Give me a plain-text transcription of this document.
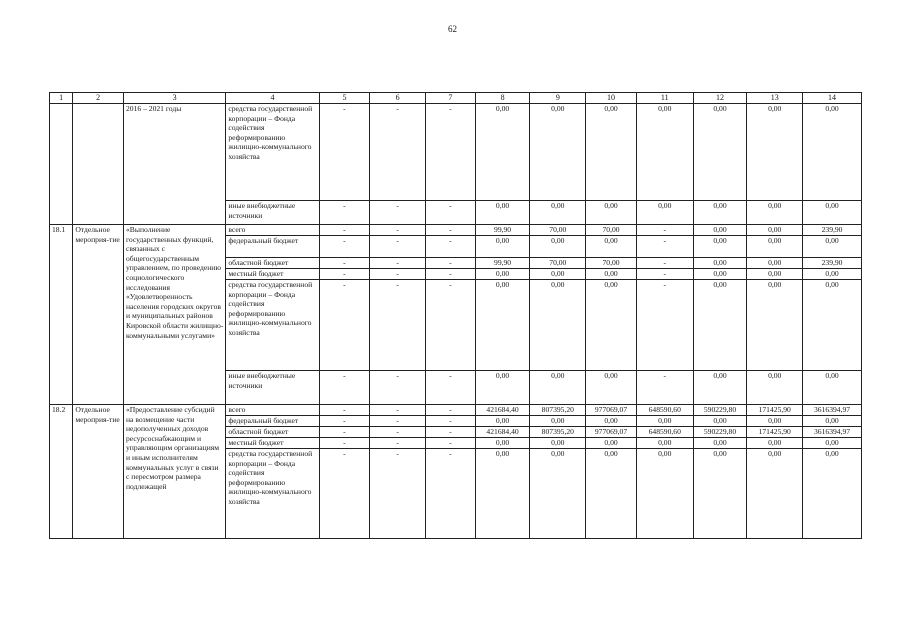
62
1	2	3	4	5	6	7	8	9	10	11	12	13	14
		2016 – 2021 годы	средства государственной корпорации – Фонда содействия реформированию жилищно-коммунального хозяйства	-	-	-	0,00	0,00	0,00	0,00	0,00	0,00	0,00
			иные внебюджетные источники	-	-	-	0,00	0,00	0,00	0,00	0,00	0,00	0,00
18.1	Отдельное мероприя-тие	«Выполнение государственных функций, связанных с общегосударственным управлением, по проведению социологического исследования «Удовлетворенность населения городских округов и муниципальных районов Кировской области жилищно-коммунальными услугами»	всего	-	-	-	99,90	70,00	70,00	-	0,00	0,00	239,90
			федеральный бюджет	-	-	-	0,00	0,00	0,00	-	0,00	0,00	0,00
			областной бюджет	-	-	-	99,90	70,00	70,00	-	0,00	0,00	239,90
			местный бюджет	-	-	-	0,00	0,00	0,00	-	0,00	0,00	0,00
			средства государственной корпорации – Фонда содействия реформированию жилищно-коммунального хозяйства	-	-	-	0,00	0,00	0,00	-	0,00	0,00	0,00
			иные внебюджетные источники	-	-	-	0,00	0,00	0,00	-	0,00	0,00	0,00
18.2	Отдельное мероприя-тие	«Предоставление субсидий на возмещение части недополученных доходов ресурсоснабжающим и управляющим организациям и иным исполнителям коммунальных услуг в связи с пересмотром размера подлежащей	всего	-	-	-	421684,40	807395,20	977069,07	648590,60	590229,80	171425,90	3616394,97
			федеральный бюджет	-	-	-	0,00	0,00	0,00	0,00	0,00	0,00	0,00
			областной бюджет	-	-	-	421684,40	807395,20	977069,07	648590,60	590229,80	171425,90	3616394,97
			местный бюджет	-	-	-	0,00	0,00	0,00	0,00	0,00	0,00	0,00
			средства государственной корпорации – Фонда содействия реформированию жилищно-коммунального хозяйства	-	-	-	0,00	0,00	0,00	0,00	0,00	0,00	0,00
